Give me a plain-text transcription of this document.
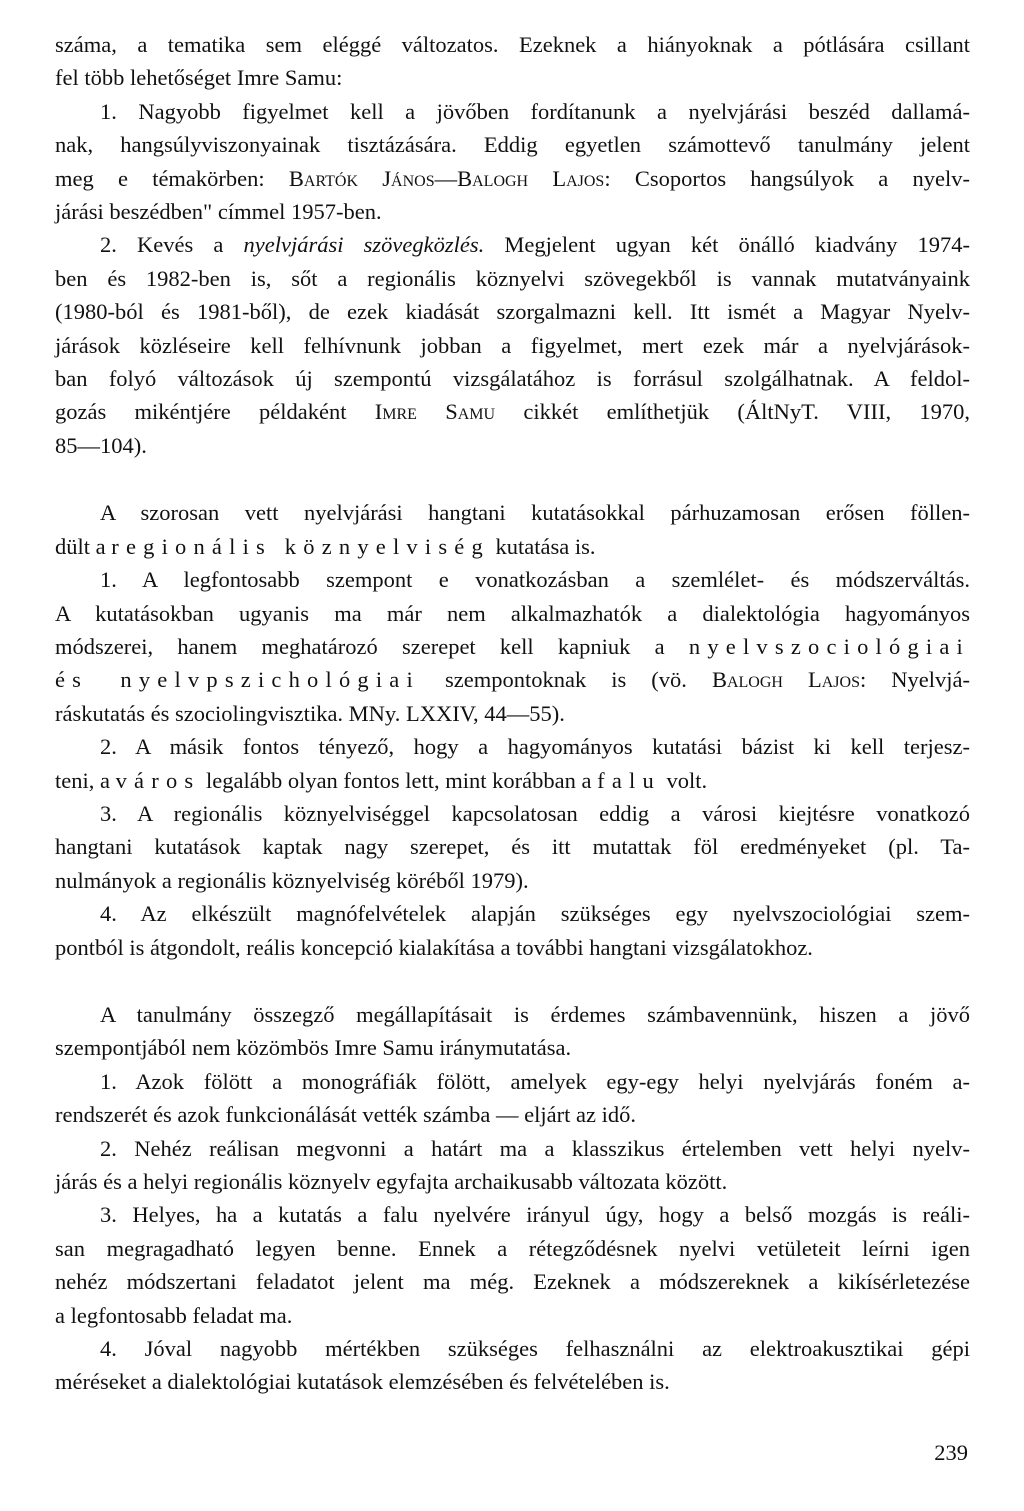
száma, a tematika sem eléggé változatos. Ezeknek a hiányoknak a pótlására csillant
fel több lehetőséget Imre Samu:
1. Nagyobb figyelmet kell a jövőben fordítanunk a nyelvjárási beszéd dallamá-
nak, hangsúlyviszonyainak tisztázására. Eddig egyetlen számottevő tanulmány jelent
meg e témakörben: Bartók János—Balogh Lajos: Csoportos hangsúlyok a nyelv-
járási beszédben" címmel 1957-ben.
2. Kevés a nyelvjárási szövegközlés. Megjelent ugyan két önálló kiadvány 1974-
ben és 1982-ben is, sőt a regionális köznyelvi szövegekből is vannak mutatványaink
(1980-ból és 1981-ből), de ezek kiadását szorgalmazni kell. Itt ismét a Magyar Nyelv-
járások közléseire kell felhívnunk jobban a figyelmet, mert ezek már a nyelvjárások-
ban folyó változások új szempontú vizsgálatához is forrásul szolgálhatnak. A feldol-
gozás mikéntjére példaként Imre Samu cikkét említhetjük (ÁltNyT. VIII, 1970,
85—104).
A szorosan vett nyelvjárási hangtani kutatásokkal párhuzamosan erősen föllen-
dült a regionális köznyelviség kutatása is.
1. A legfontosabb szempont e vonatkozásban a szemlélet- és módszerváltás.
A kutatásokban ugyanis ma már nem alkalmazhatók a dialektológia hagyományos
módszerei, hanem meghatározó szerepet kell kapniuk a nyelvszociológiai
és nyelvpszichológiai szempontoknak is (vö. Balogh Lajos: Nyelvjá-
ráskutatás és szociolingvisztika. MNy. LXXIV, 44—55).
2. A másik fontos tényező, hogy a hagyományos kutatási bázist ki kell terjesz-
teni, a város legalább olyan fontos lett, mint korábban a falu volt.
3. A regionális köznyelviséggel kapcsolatosan eddig a városi kiejtésre vonatkozó
hangtani kutatások kaptak nagy szerepet, és itt mutattak föl eredményeket (pl. Ta-
nulmányok a regionális köznyelviség köréből 1979).
4. Az elkészült magnófelvételek alapján szükséges egy nyelvszociológiai szem-
pontból is átgondolt, reális koncepció kialakítása a további hangtani vizsgálatokhoz.
A tanulmány összegző megállapításait is érdemes számbavennünk, hiszen a jövő
szempontjából nem közömbös Imre Samu iránymutatása.
1. Azok fölött a monográfiák fölött, amelyek egy-egy helyi nyelvjárás foném a-
rendszerét és azok funkcionálását vették számba — eljárt az idő.
2. Nehéz reálisan megvonni a határt ma a klasszikus értelemben vett helyi nyelv-
járás és a helyi regionális köznyelv egyfajta archaikusabb változata között.
3. Helyes, ha a kutatás a falu nyelvére irányul úgy, hogy a belső mozgás is reáli-
san megragadható legyen benne. Ennek a rétegződésnek nyelvi vetületeit leírni igen
nehéz módszertani feladatot jelent ma még. Ezeknek a módszereknek a kikísérletezése
a legfontosabb feladat ma.
4. Jóval nagyobb mértékben szükséges felhasználni az elektroakusztikai gépi
méréseket a dialektológiai kutatások elemzésében és felvételében is.
239
